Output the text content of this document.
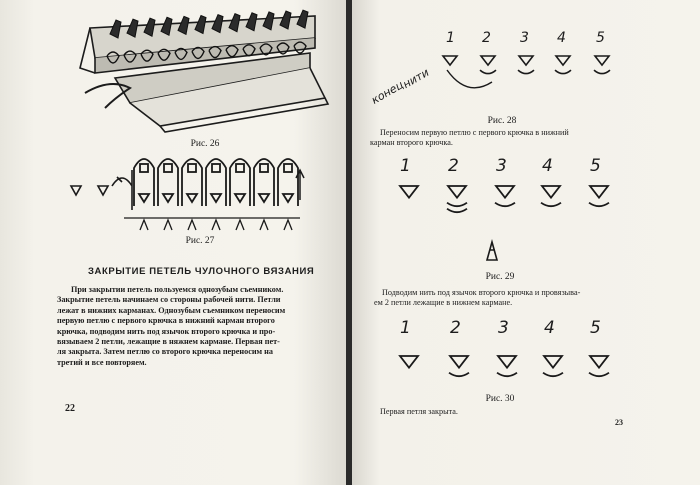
Рис. 26
Рис. 27
ЗАКРЫТИЕ ПЕТЕЛЬ ЧУЛОЧНОГО ВЯЗАНИЯ
При закрытии петель пользуемся однозубым съемником.
Закрытие петель начинаем со стороны рабочей нити. Петли
лежат в нижних карманах. Однозубым съемником переносим
первую петлю с первого крючка в нижний карман второго
крючка, подводим нить под язычок второго крючка и про-
вязываем 2 петли, лежащие в няжнем кармане. Первая пет-
ля закрыта. Затем петлю со второго крючка переносим на
третий и все повторяем.
22
1 2 3 4 5
конец
нити
Рис. 28
Переносим первую петлю с первого крючка в нижний
карман второго крючка.
1 2 3 4 5
Рис. 29
Подводим нить под язычок второго крючка и провязыва-
ем 2 петли лежащие в нижнем кармане.
1 2 3 4 5
Рис. 30
Первая петля закрыта.
23
